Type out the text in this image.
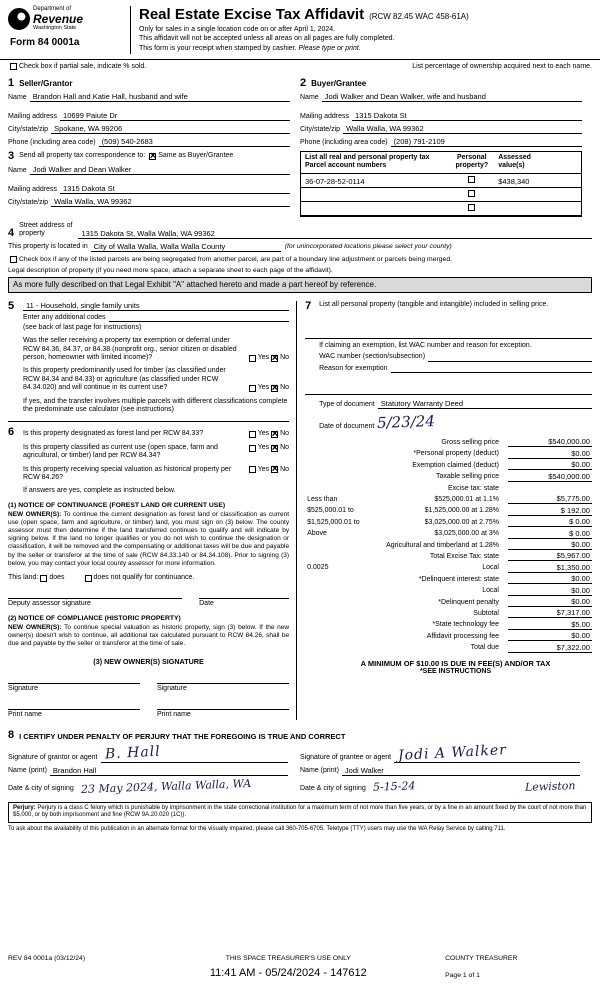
Department of
Revenue
Washington State
Form 84 0001a
Real Estate Excise Tax Affidavit (RCW 82.45 WAC 458-61A)
Only for sales in a single location code on or after April 1, 2024.
This affidavit will not be accepted unless all areas on all pages are fully completed.
This form is your receipt when stamped by cashier. Please type or print.
Check box if partial sale, indicate % sold.	List percentage of ownership acquired next to each name.
1 Seller/Grantor
Name Brandon Hall and Katie Hall, husband and wife
Mailing address 10699 Paiute Dr
City/state/zip Spokane, WA 99206
Phone (including area code) (509) 540-2683
2 Buyer/Grantee
Name Jodi Walker and Dean Walker, wife and husband
Mailing address 1315 Dakota St
City/state/zip Walla Walla, WA 99362
Phone (including area code) (208) 791-2109
3 Send all property tax correspondence to: × Same as Buyer/Grantee
Name Jodi Walker and Dean Walker
Mailing address 1315 Dakota St
City/state/zip Walla Walla, WA 99362
List all real and personal property tax
Parcel account numbers
Personal
property?
Assessed
value(s)
36-07-28-52-0114	$438,340
4
Street address of
property	1315 Dakota St, Walla Walla, WA 99362
This property is located in City of Walla Walla, Walla Walla County	(for unincorporated locations please select your county)
Check box if any of the listed parcels are being segregated from another parcel, are part of a boundary line adjustment or parcels being merged.
Legal description of property (if you need more space, attach a separate sheet to each page of the affidavit).
As more fully described on that Legal Exhibit "A" attached hereto and made a part hereof by reference.
5	11 - Household, single family units
Enter any additional codes
(see back of last page for instructions)
Was the seller receiving a property tax exemption or deferral under RCW 84.36, 84.37, or 84.38 (nonprofit org., senior citizen or disabled person, homeowner with limited income)?	Yes × No
Is this property predominantly used for timber (as classified under RCW 84.34 and 84.33) or agriculture (as classified under RCW 84.34.020) and will continue in its current use?	Yes × No
If yes, and the transfer involves multiple parcels with different classifications complete the predominate use calculator (see instructions)
6	Is this property designated as forest land per RCW 84.33?	Yes × No
Is this property classified as current use (open space, farm and agricultural, or timber) land per RCW 84.34?
Yes × No
Is this property receiving special valuation as historical property per RCW 84.26?
Yes × No
If answers are yes, complete as instructed below.
(1) NOTICE OF CONTINUANCE (FOREST LAND OR CURRENT USE)

NEW OWNER(S): To continue the current designation as forest land or classification as current use (open space, farm and agriculture, or timber) land, you must sign on (3) below. The county assessor must then determine if the land transferred continues to qualify and will indicate by signing below. If the land no longer qualifies or you do not wish to continue the designation or classification, it will be removed and the compensating or additional taxes will be due and payable by the seller or transferor at the time of sale (RCW 84.33.140 or 84.34.108). Prior to signing (3) below, you may contact your local county assessor for more information.

This land: does	does not qualify for continuance.
Deputy assessor signature	Date
(2) NOTICE OF COMPLIANCE (HISTORIC PROPERTY)

NEW OWNER(S): To continue special valuation as historic property, sign (3) below. If the new owner(s) doesn't wish to continue, all additional tax calculated pursuant to RCW 84.26, shall be due and payable by the seller or transferor at the time of sale.

(3) NEW OWNER(S) SIGNATURE
Signature	Signature
Print name	Print name
7	List all personal property (tangible and intangible) included in selling price.
If claiming an exemption, list WAC number and reason for exception.
WAC number (section/subsection)
Reason for exemption
Type of document Statutory Warranty Deed
Date of document 5/23/24
Gross selling price	$540,000.00
*Personal property (deduct)	$0.00
Exemption claimed (deduct)	$0.00
Taxable selling price	$540,000.00
Excise tax: state
Less than	$525,000.01 at 1.1%	$5,775.00
$525,000.01 to	$1,525,000.00 at 1.28%	$ 192.00
$1,525,000.01 to	$3,025,000.00 at 2.75%	$ 0.00
Above	$3,025,000.00 at 3%	$ 0.00
Agricultural and timberland at 1.28%	$0.00
Total Excise Tax: state	$5,967.00
0.0025	Local	$1,350.00
*Delinquent interest: state	$0.00
Local	$0.00
*Delinquent penalty	$0.00
Subtotal	$7,317.00
*State technology fee	$5.00
Affidavit processing fee	$0.00
Total due	$7,322.00
A MINIMUM OF $10.00 IS DUE IN FEE(S) AND/OR TAX
*SEE INSTRUCTIONS
8 I CERTIFY UNDER PENALTY OF PERJURY THAT THE FOREGOING IS TRUE AND CORRECT
Signature of grantor or agent B. Hall
Name (print) Brandon Hall
Date & city of signing 23 May 2024, Walla Walla, WA
Signature of grantee or agent Jodi A Walker
Name (print) Jodi Walker
Date & city of signing 5-15-24	Lewiston
Perjury: Perjury is a class C felony which is punishable by imprisonment in the state correctional institution for a maximum term of not more than five years, or by a fine in an amount fixed by the court of not more than $5,000, or by both imprisonment and fine (RCW 9A.20.020 (1C)).
To ask about the availability of this publication in an alternate format for the visually impaired, please call 360-705-6705. Teletype (TTY) users may use the WA Relay Service by calling 711.
REV 84 0001a (03/12/24)	THIS SPACE TREASURER'S USE ONLY	COUNTY TREASURER
11:41 AM - 05/24/2024 - 147612	Page 1 of 1
